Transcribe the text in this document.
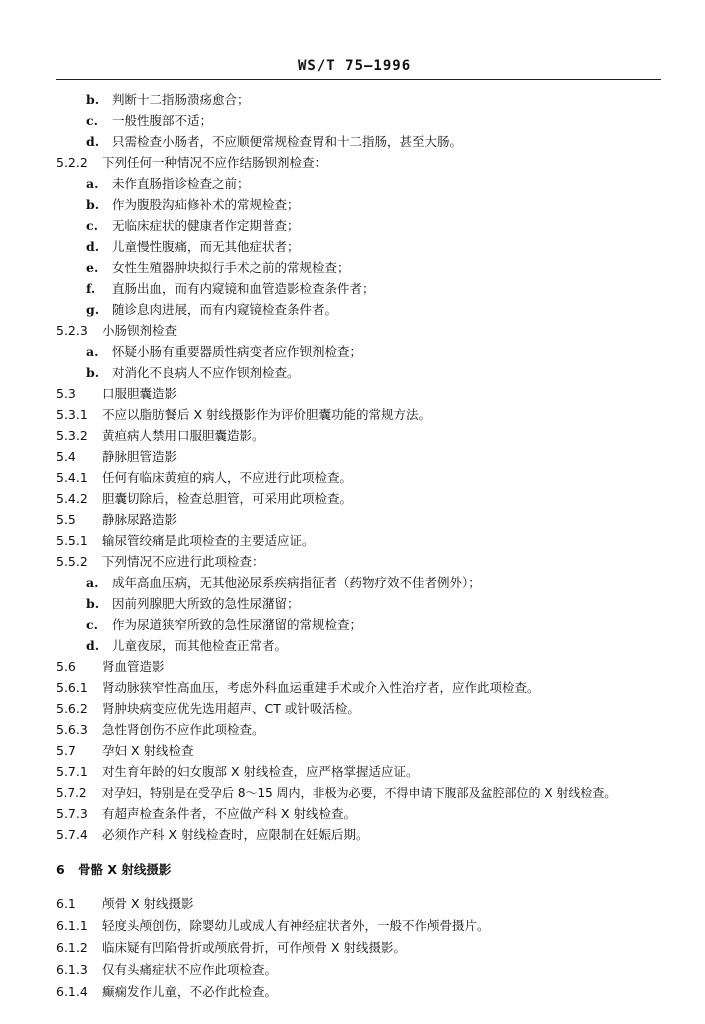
WS/T 75—1996
b. 判断十二指肠溃疡愈合；
c. 一般性腹部不适；
d. 只需检查小肠者，不应顺便常规检查胃和十二指肠，甚至大肠。
5.2.2 下列任何一种情况不应作结肠钡剂检查：
a. 未作直肠指诊检查之前；
b. 作为腹股沟疝修补术的常规检查；
c. 无临床症状的健康者作定期普查；
d. 儿童慢性腹痛，而无其他症状者；
e. 女性生殖器肿块拟行手术之前的常规检查；
f. 直肠出血，而有内窥镜和血管造影检查条件者；
g. 随诊息肉进展，而有内窥镜检查条件者。
5.2.3 小肠钡剂检查
a. 怀疑小肠有重要器质性病变者应作钡剂检查；
b. 对消化不良病人不应作钡剂检查。
5.3 口服胆囊造影
5.3.1 不应以脂肪餐后 X 射线摄影作为评价胆囊功能的常规方法。
5.3.2 黄疸病人禁用口服胆囊造影。
5.4 静脉胆管造影
5.4.1 任何有临床黄疸的病人，不应进行此项检查。
5.4.2 胆囊切除后，检查总胆管，可采用此项检查。
5.5 静脉尿路造影
5.5.1 输尿管绞痛是此项检查的主要适应证。
5.5.2 下列情况不应进行此项检查：
a. 成年高血压病，无其他泌尿系疾病指征者（药物疗效不佳者例外）；
b. 因前列腺肥大所致的急性尿潴留；
c. 作为尿道狭窄所致的急性尿潴留的常规检查；
d. 儿童夜尿，而其他检查正常者。
5.6 肾血管造影
5.6.1 肾动脉狭窄性高血压，考虑外科血运重建手术或介入性治疗者，应作此项检查。
5.6.2 肾肿块病变应优先选用超声、CT 或针吸活检。
5.6.3 急性肾创伤不应作此项检查。
5.7 孕妇 X 射线检查
5.7.1 对生育年龄的妇女腹部 X 射线检查，应严格掌握适应证。
5.7.2 对孕妇，特别是在受孕后 8～15 周内，非极为必要，不得申请下腹部及盆腔部位的 X 射线检查。
5.7.3 有超声检查条件者，不应做产科 X 射线检查。
5.7.4 必须作产科 X 射线检查时，应限制在妊娠后期。
6 骨骼 X 射线摄影
6.1 颅骨 X 射线摄影
6.1.1 轻度头颅创伤，除婴幼儿或成人有神经症状者外，一般不作颅骨摄片。
6.1.2 临床疑有凹陷骨折或颅底骨折，可作颅骨 X 射线摄影。
6.1.3 仅有头痛症状不应作此项检查。
6.1.4 癫痫发作儿童，不必作此检查。
